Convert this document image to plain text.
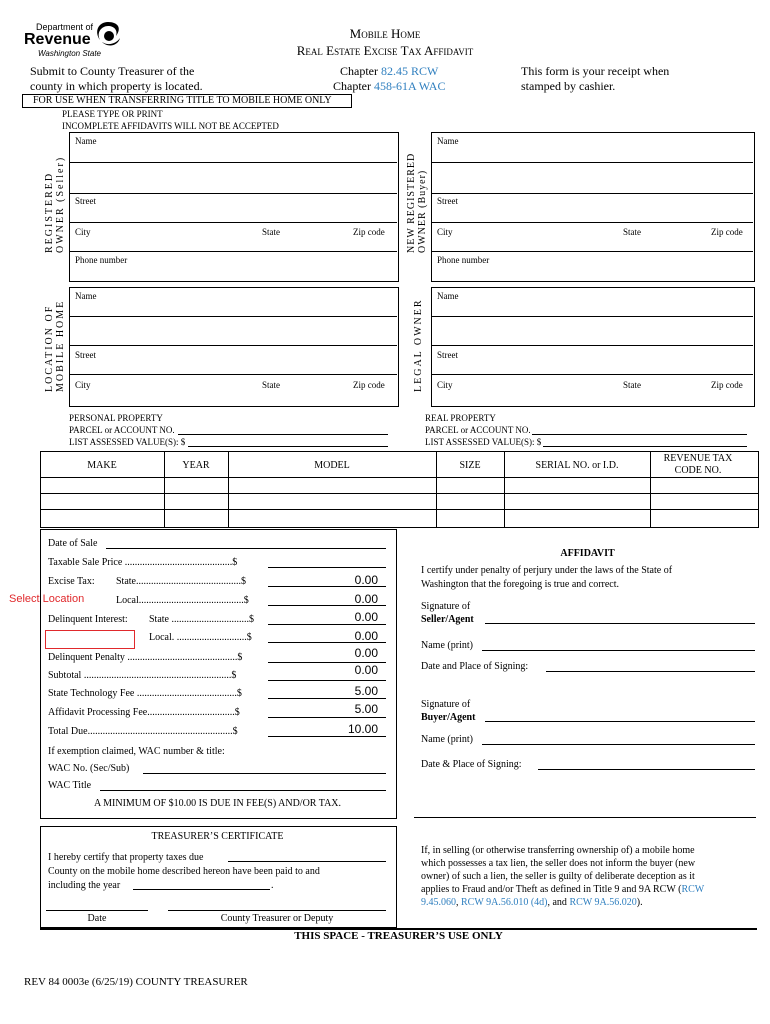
Department of
Revenue
Washington State
Mobile Home
Real Estate Excise Tax Affidavit
Submit to County Treasurer of the
county in which property is located.
Chapter 82.45 RCW
Chapter 458-61A WAC
This form is your receipt when
stamped by cashier.
FOR USE WHEN TRANSFERRING TITLE TO MOBILE HOME ONLY
PLEASE TYPE OR PRINT
INCOMPLETE AFFIDAVITS WILL NOT BE ACCEPTED
REGISTERED OWNER (Seller)
Name
Street
City	State	Zip code
Phone number
NEW REGISTERED OWNER (Buyer)
Name
Street
City	State	Zip code
Phone number
LOCATION OF MOBILE HOME
Name
Street
City	State	Zip code	LEGAL OWNER
Name
Street
City	State	Zip code
PERSONAL PROPERTY
PARCEL or ACCOUNT NO.
LIST ASSESSED VALUE(S): $
REAL PROPERTY
PARCEL or ACCOUNT NO.
LIST ASSESSED VALUE(S): $
MAKE	YEAR	MODEL	SIZE	SERIAL NO. or I.D.
REVENUE TAX CODE NO.
Date of Sale
Taxable Sale Price ...........................................$
Excise Tax: State..........................................$	0.00
Select Location	Local..........................................$	0.00
Delinquent Interest: State ...............................$	0.00
Local. ............................$	0.00
Delinquent Penalty ............................................$	0.00
Subtotal ...........................................................$	0.00
State Technology Fee ........................................$	5.00
Affidavit Processing Fee...................................$	5.00
Total Due..........................................................$	10.00
If exemption claimed, WAC number & title:
WAC No. (Sec/Sub)
WAC Title
A MINIMUM OF $10.00 IS DUE IN FEE(S) AND/OR TAX.
AFFIDAVIT
I certify under penalty of perjury under the laws of the State of
Washington that the foregoing is true and correct.
Signature of
Seller/Agent
Name (print)
Date and Place of Signing:
Signature of
Buyer/Agent
Name (print)
Date & Place of Signing:
TREASURER’S CERTIFICATE
I hereby certify that property taxes due
County on the mobile home described hereon have been paid to and
including the year	.
Date	County Treasurer or Deputy
If, in selling (or otherwise transferring ownership of) a mobile home
which possesses a tax lien, the seller does not inform the buyer (new
owner) of such a lien, the seller is guilty of deliberate deception as it
applies to Fraud and/or Theft as defined in Title 9 and 9A RCW (RCW
9.45.060, RCW 9A.56.010 (4d), and RCW 9A.56.020).
THIS SPACE - TREASURER’S USE ONLY
REV 84 0003e (6/25/19) COUNTY TREASURER
